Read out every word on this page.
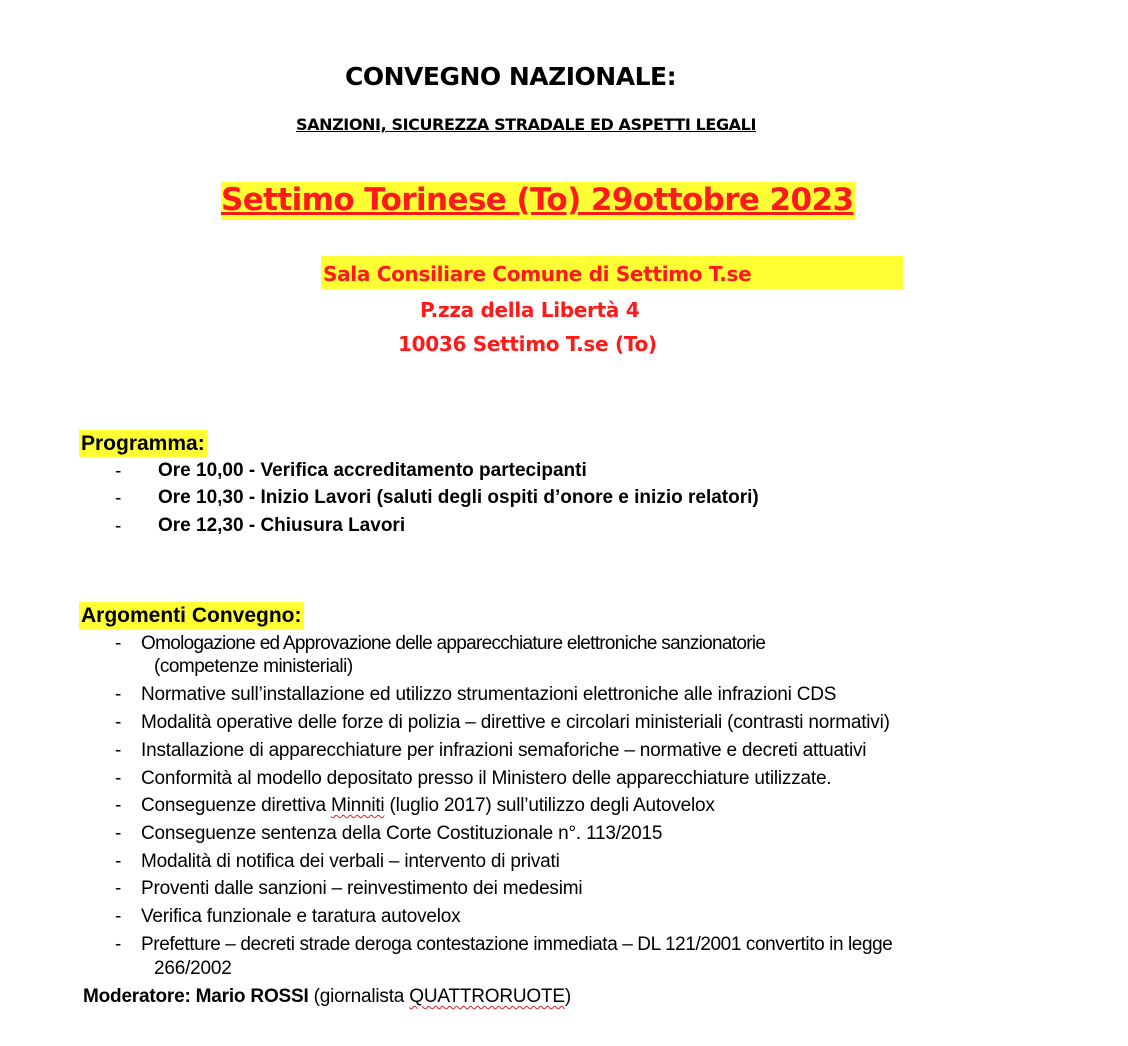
CONVEGNO NAZIONALE:
SANZIONI, SICUREZZA STRADALE ED ASPETTI LEGALI
Settimo Torinese (To) 29ottobre 2023
Sala Consiliare Comune di Settimo T.se
P.zza della Libertà 4
10036 Settimo T.se (To)
Programma:
- Ore 10,00 - Verifica accreditamento partecipanti
- Ore 10,30 - Inizio Lavori (saluti degli ospiti d’onore e inizio relatori)
- Ore 12,30 - Chiusura Lavori
Argomenti Convegno:
- Omologazione ed Approvazione delle apparecchiature elettroniche sanzionatorie
(competenze ministeriali)
- Normative sull’installazione ed utilizzo strumentazioni elettroniche alle infrazioni CDS
- Modalità operative delle forze di polizia – direttive e circolari ministeriali (contrasti normativi)
- Installazione di apparecchiature per infrazioni semaforiche – normative e decreti attuativi
- Conformità al modello depositato presso il Ministero delle apparecchiature utilizzate.
- Conseguenze direttiva Minniti (luglio 2017) sull’utilizzo degli Autovelox
- Conseguenze sentenza della Corte Costituzionale n°. 113/2015
- Modalità di notifica dei verbali – intervento di privati
- Proventi dalle sanzioni – reinvestimento dei medesimi
- Verifica funzionale e taratura autovelox
- Prefetture – decreti strade deroga contestazione immediata – DL 121/2001 convertito in legge
266/2002
Moderatore: Mario ROSSI (giornalista QUATTRORUOTE)
